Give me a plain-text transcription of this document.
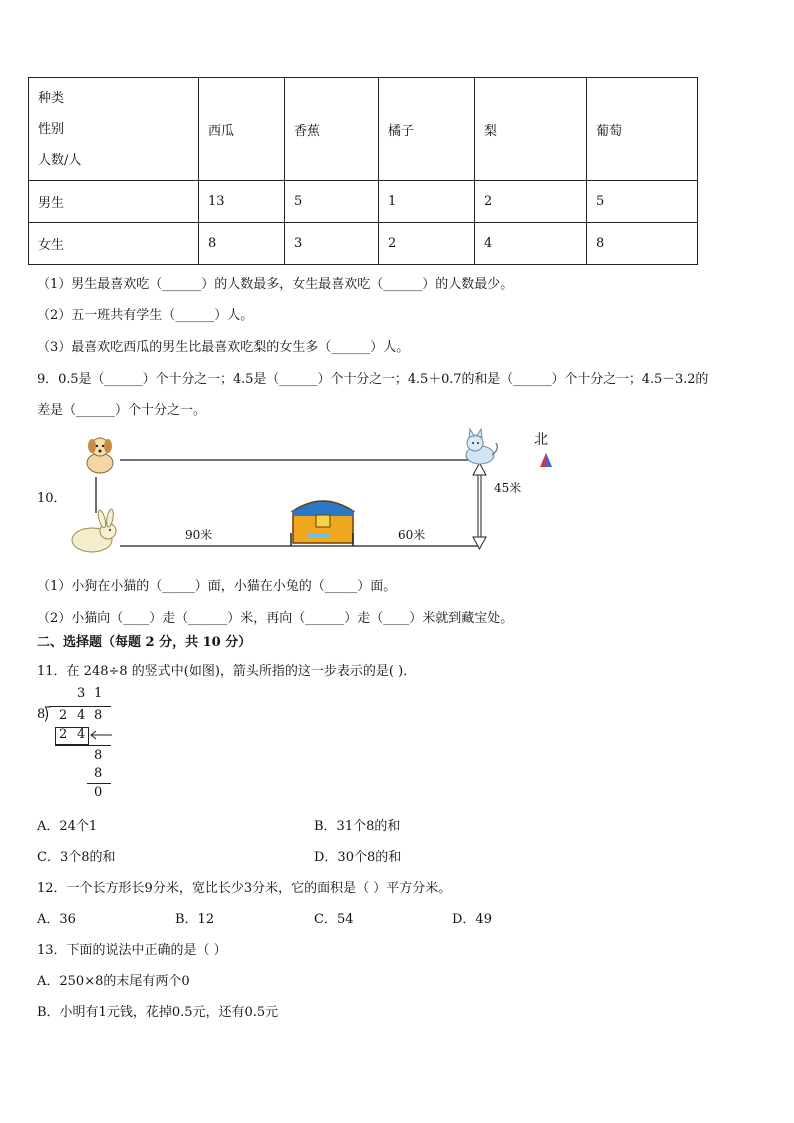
种类
性别
人数/人	西瓜	香蕉	橘子	梨	葡萄
男生	13	5	1	2	5
女生	8	3	2	4	8
（1）男生最喜欢吃（______）的人数最多，女生最喜欢吃（______）的人数最少。
（2）五一班共有学生（______）人。
（3）最喜欢吃西瓜的男生比最喜欢吃梨的女生多（______）人。
9．0.5是（______）个十分之一；4.5是（______）个十分之一；4.5＋0.7的和是（______）个十分之一；4.5－3.2的
差是（______）个十分之一。
10．
北
45米
90米	60米
（1）小狗在小猫的（_____）面，小猫在小兔的（_____）面。
（2）小猫向（____）走（______）米，再向（______）走（____）米就到藏宝处。
二、选择题（每题 2 分，共 10 分）
11．在 248÷8 的竖式中(如图)，箭头所指的这一步表示的是( )．
3 1
8
⟌ 2 4 8
2 4
8
8
0
A．24个1	B．31个8的和
C．3个8的和	D．30个8的和
12．一个长方形长9分米，宽比长少3分米，它的面积是（ ）平方分米。
A．36	B．12	C．54	D．49
13．下面的说法中正确的是（ ）
A．250×8的末尾有两个0
B．小明有1元钱，花掉0.5元，还有0.5元
